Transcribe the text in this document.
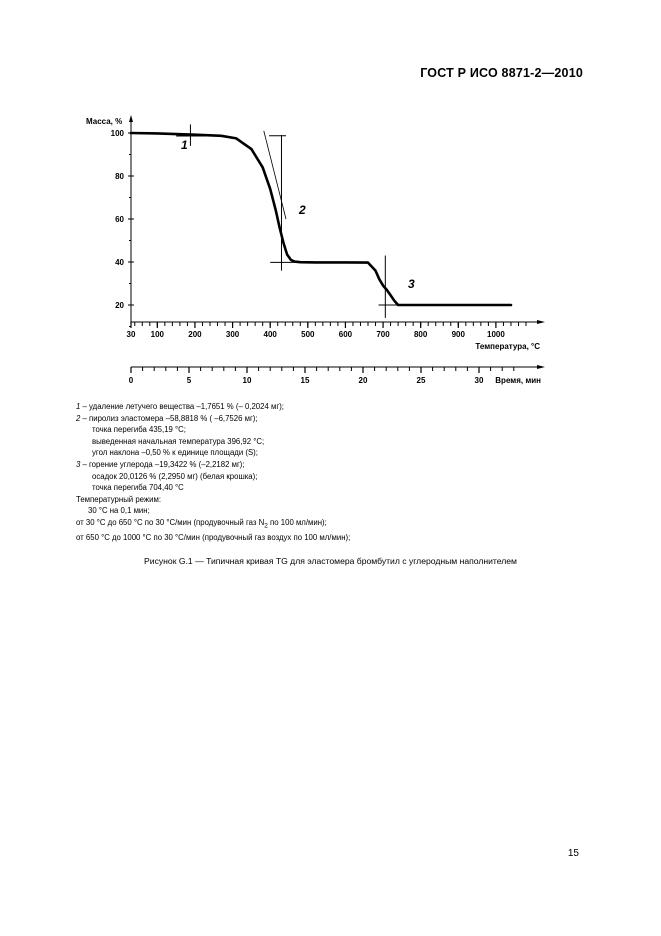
ГОСТ Р ИСО 8871-2—2010
Масса, %
100
80
60
40
20
Температура, °C
30 100	200	300	400	500	600	700	800	900	1000
Время, мин
0	5	10	15	20	25	30
1
2
3
1 – удаление летучего вещества –1,7651 % (– 0,2024 мг);
2 – пиролиз эластомера –58,8818 % ( –6,7526 мг);
точка перегиба 435,19 °C;
выведенная начальная температура 396,92 °C;
угол наклона –0,50 % к единице площади (S);
3 – горение углерода –19,3422 % (–2,2182 мг);
осадок 20,0126 % (2,2950 мг) (белая крошка);
точка перегиба 704,40 °C
Температурный режим:
30 °C на 0,1 мин;
от 30 °C до 650 °C по 30 °C/мин (продувочный газ $N_2$ по 100 мл/мин);
от 650 °C до 1000 °C по 30 °C/мин (продувочный газ воздух по 100 мл/мин);
Рисунок G.1 — Типичная кривая TG для эластомера бромбутил с углеродным наполнителем
15
